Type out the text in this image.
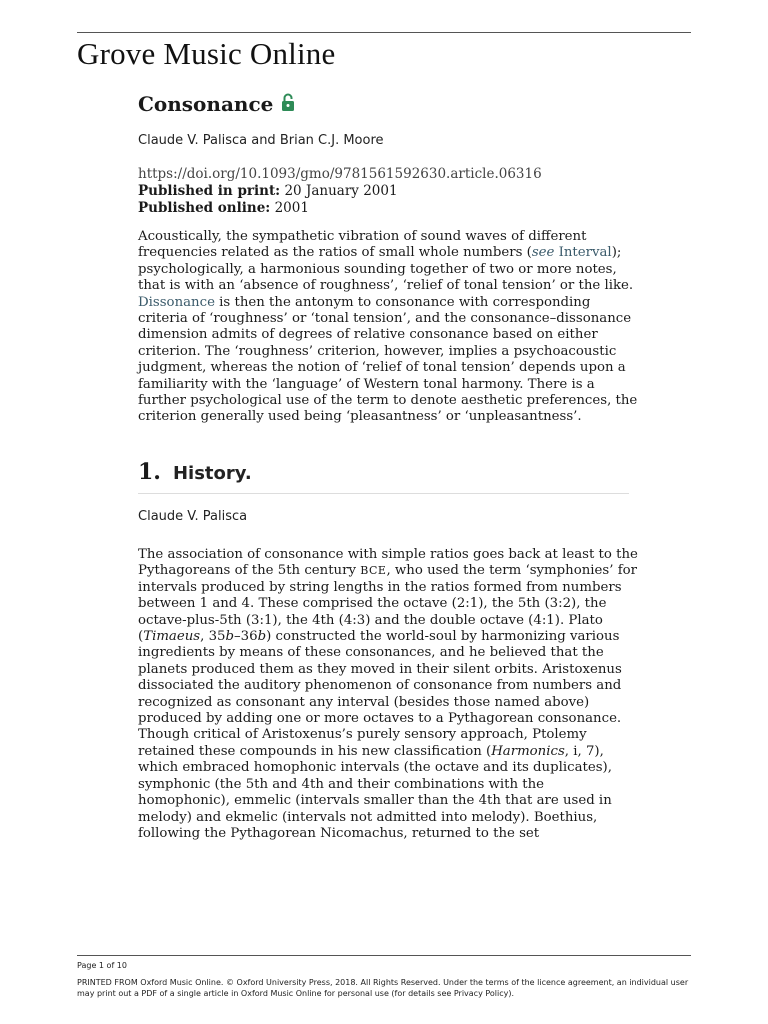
Grove Music Online
Consonance
Claude V. Palisca and Brian C.J. Moore
https://doi.org/10.1093/gmo/9781561592630.article.06316
Published in print: 20 January 2001
Published online: 2001
Acoustically, the sympathetic vibration of sound waves of different frequencies related as the ratios of small whole numbers (see Interval); psychologically, a harmonious sounding together of two or more notes, that is with an ‘absence of roughness’, ‘relief of tonal tension’ or the like. Dissonance is then the antonym to consonance with corresponding criteria of ‘roughness’ or ‘tonal tension’, and the consonance–dissonance dimension admits of degrees of relative consonance based on either criterion. The ‘roughness’ criterion, however, implies a psychoacoustic judgment, whereas the notion of ‘relief of tonal tension’ depends upon a familiarity with the ‘language’ of Western tonal harmony. There is a further psychological use of the term to denote aesthetic preferences, the criterion generally used being ‘pleasantness’ or ‘unpleasantness’.
1. History.
Claude V. Palisca
The association of consonance with simple ratios goes back at least to the Pythagoreans of the 5th century BCE, who used the term ‘symphonies’ for intervals produced by string lengths in the ratios formed from numbers between 1 and 4. These comprised the octave (2:1), the 5th (3:2), the octave-plus-5th (3:1), the 4th (4:3) and the double octave (4:1). Plato (Timaeus, 35b–36b) constructed the world-soul by harmonizing various ingredients by means of these consonances, and he believed that the planets produced them as they moved in their silent orbits. Aristoxenus dissociated the auditory phenomenon of consonance from numbers and recognized as consonant any interval (besides those named above) produced by adding one or more octaves to a Pythagorean consonance. Though critical of Aristoxenus’s purely sensory approach, Ptolemy retained these compounds in his new classification (Harmonics, i, 7), which embraced homophonic intervals (the octave and its duplicates), symphonic (the 5th and 4th and their combinations with the homophonic), emmelic (intervals smaller than the 4th that are used in melody) and ekmelic (intervals not admitted into melody). Boethius, following the Pythagorean Nicomachus, returned to the set
Page 1 of 10
PRINTED FROM Oxford Music Online. © Oxford University Press, 2018. All Rights Reserved. Under the terms of the licence agreement, an individual user may print out a PDF of a single article in Oxford Music Online for personal use (for details see Privacy Policy).
